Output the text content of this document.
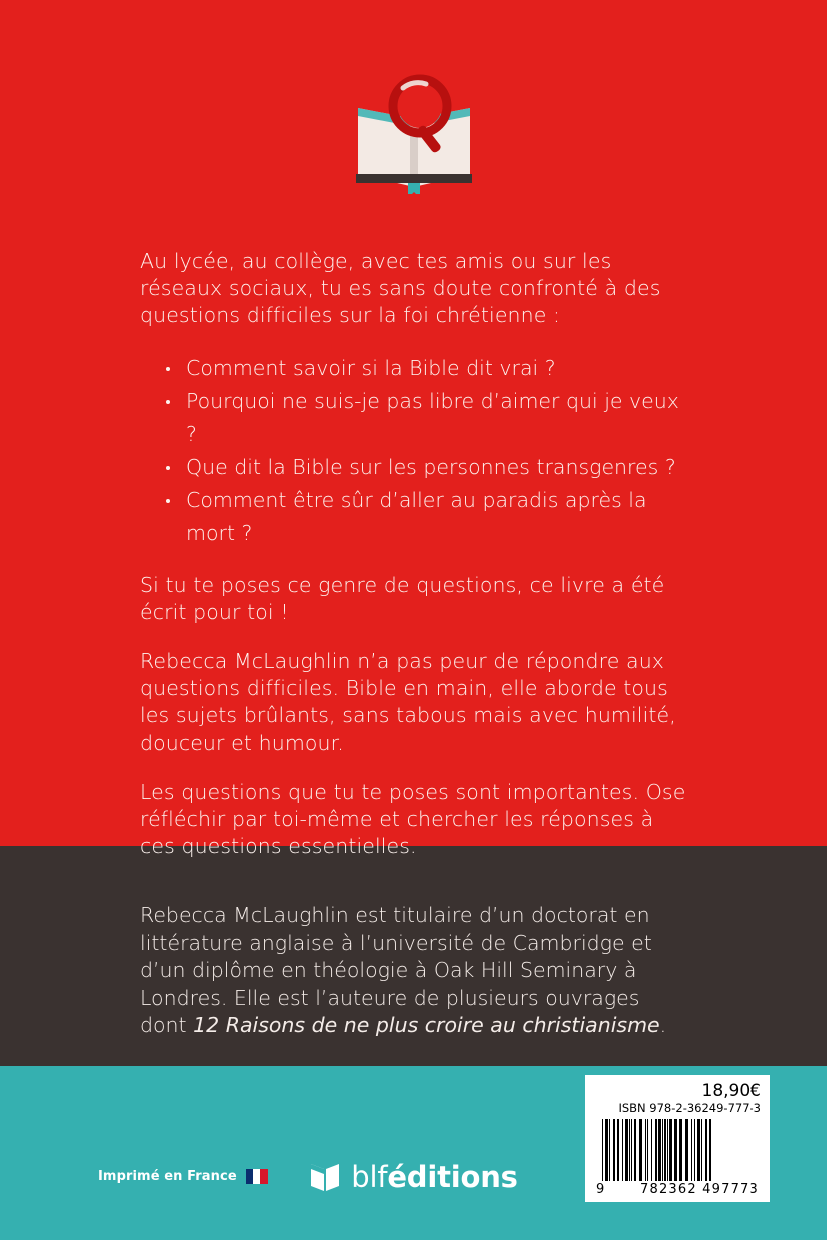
Au lycée, au collège, avec tes amis ou sur les réseaux sociaux, tu es sans doute confronté à des questions difficiles sur la foi chrétienne :

Comment savoir si la Bible dit vrai ?
Pourquoi ne suis-je pas libre d’aimer qui je veux ?
Que dit la Bible sur les personnes transgenres ?
Comment être sûr d’aller au paradis après la mort ?

Si tu te poses ce genre de questions, ce livre a été écrit pour toi !

Rebecca McLaughlin n’a pas peur de répondre aux questions difficiles. Bible en main, elle aborde tous les sujets brûlants, sans tabous mais avec humilité, douceur et humour.

Les questions que tu te poses sont importantes. Ose réfléchir par toi-même et chercher les réponses à ces questions essentielles.

Rebecca McLaughlin est titulaire d’un doctorat en littérature anglaise à l’université de Cambridge et d’un diplôme en théologie à Oak Hill Seminary à Londres. Elle est l’auteure de plusieurs ouvrages dont 12 Raisons de ne plus croire au christianisme.

Imprimé en France	blféditions
18,90€
ISBN 978-2-36249-777-3
9	782362 497773
